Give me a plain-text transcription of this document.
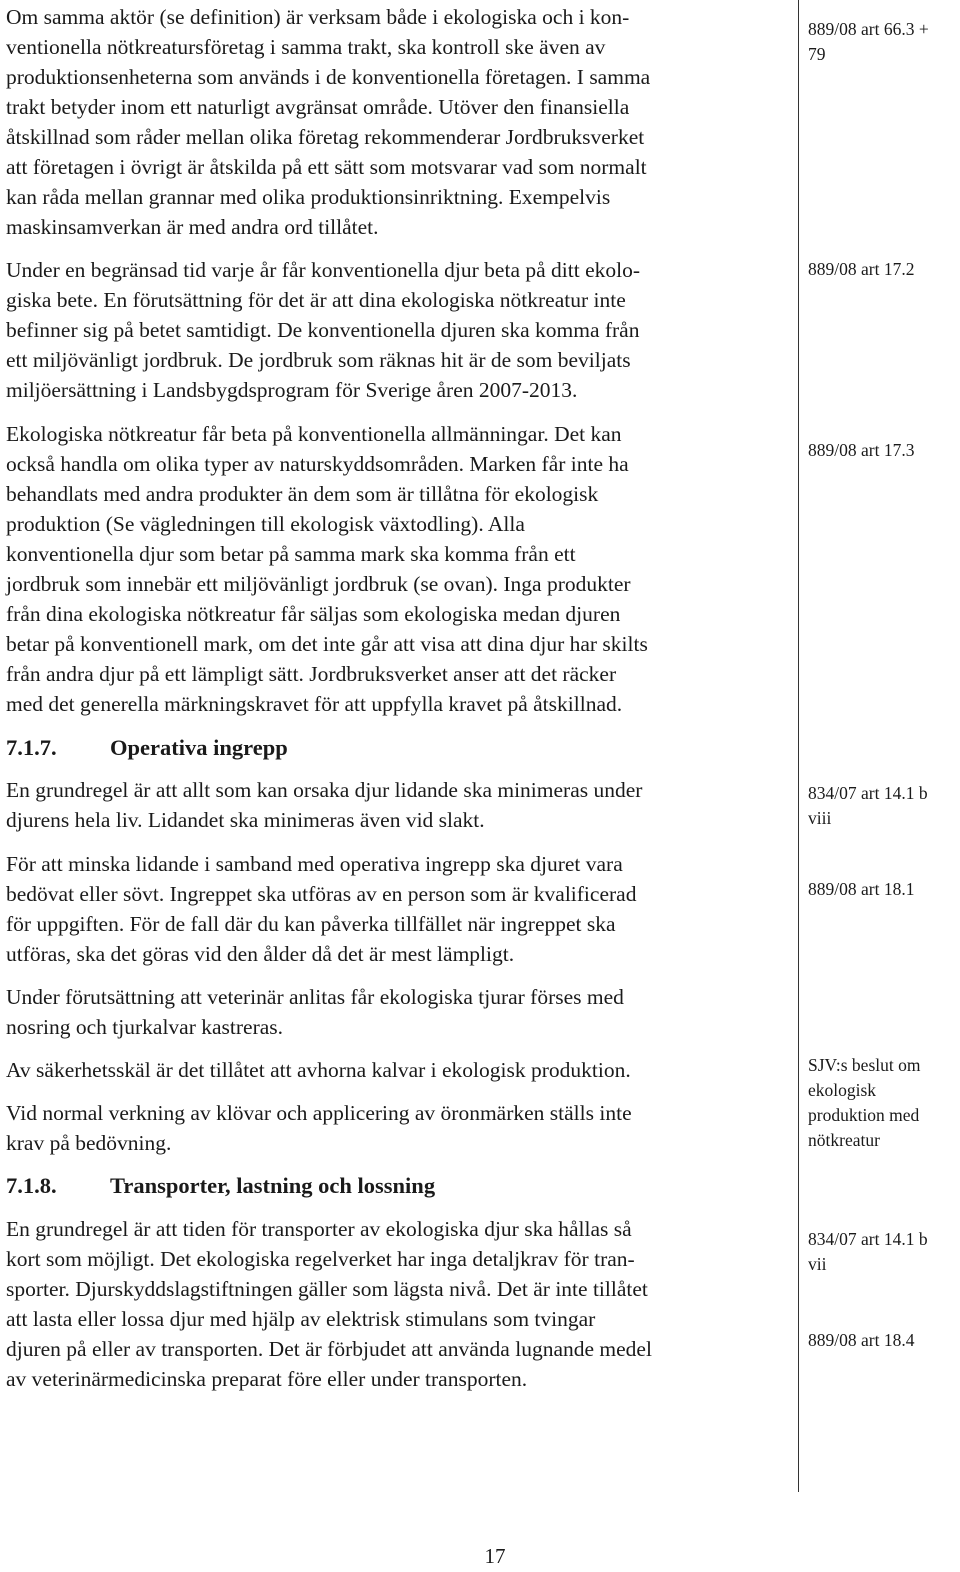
Om samma aktör (se definition) är verksam både i ekologiska och i kon-
ventionella nötkreatursföretag i samma trakt, ska kontroll ske även av
produktionsenheterna som används i de konventionella företagen. I samma
trakt betyder inom ett naturligt avgränsat område. Utöver den finansiella
åtskillnad som råder mellan olika företag rekommenderar Jordbruksverket
att företagen i övrigt är åtskilda på ett sätt som motsvarar vad som normalt
kan råda mellan grannar med olika produktionsinriktning. Exempelvis
maskinsamverkan är med andra ord tillåtet.
Under en begränsad tid varje år får konventionella djur beta på ditt ekolo-
giska bete. En förutsättning för det är att dina ekologiska nötkreatur inte
befinner sig på betet samtidigt. De konventionella djuren ska komma från
ett miljövänligt jordbruk. De jordbruk som räknas hit är de som beviljats
miljöersättning i Landsbygdsprogram för Sverige åren 2007-2013.
Ekologiska nötkreatur får beta på konventionella allmänningar. Det kan
också handla om olika typer av naturskyddsområden. Marken får inte ha
behandlats med andra produkter än dem som är tillåtna för ekologisk
produktion (Se vägledningen till ekologisk växtodling). Alla
konventionella djur som betar på samma mark ska komma från ett
jordbruk som innebär ett miljövänligt jordbruk (se ovan). Inga produkter
från dina ekologiska nötkreatur får säljas som ekologiska medan djuren
betar på konventionell mark, om det inte går att visa att dina djur har skilts
från andra djur på ett lämpligt sätt. Jordbruksverket anser att det räcker
med det generella märkningskravet för att uppfylla kravet på åtskillnad.
7.1.7. Operativa ingrepp
En grundregel är att allt som kan orsaka djur lidande ska minimeras under
djurens hela liv. Lidandet ska minimeras även vid slakt.
För att minska lidande i samband med operativa ingrepp ska djuret vara
bedövat eller sövt. Ingreppet ska utföras av en person som är kvalificerad
för uppgiften. För de fall där du kan påverka tillfället när ingreppet ska
utföras, ska det göras vid den ålder då det är mest lämpligt.
Under förutsättning att veterinär anlitas får ekologiska tjurar förses med
nosring och tjurkalvar kastreras.
Av säkerhetsskäl är det tillåtet att avhorna kalvar i ekologisk produktion.
Vid normal verkning av klövar och applicering av öronmärken ställs inte
krav på bedövning.
7.1.8. Transporter, lastning och lossning
En grundregel är att tiden för transporter av ekologiska djur ska hållas så
kort som möjligt. Det ekologiska regelverket har inga detaljkrav för tran-
sporter. Djurskyddslagstiftningen gäller som lägsta nivå. Det är inte tillåtet
att lasta eller lossa djur med hjälp av elektrisk stimulans som tvingar
djuren på eller av transporten. Det är förbjudet att använda lugnande medel
av veterinärmedicinska preparat före eller under transporten.
889/08 art 66.3 +
79
889/08 art 17.2
889/08 art 17.3
834/07 art 14.1 b
viii
889/08 art 18.1
SJV:s beslut om
ekologisk
produktion med
nötkreatur
834/07 art 14.1 b
vii
889/08 art 18.4
17
